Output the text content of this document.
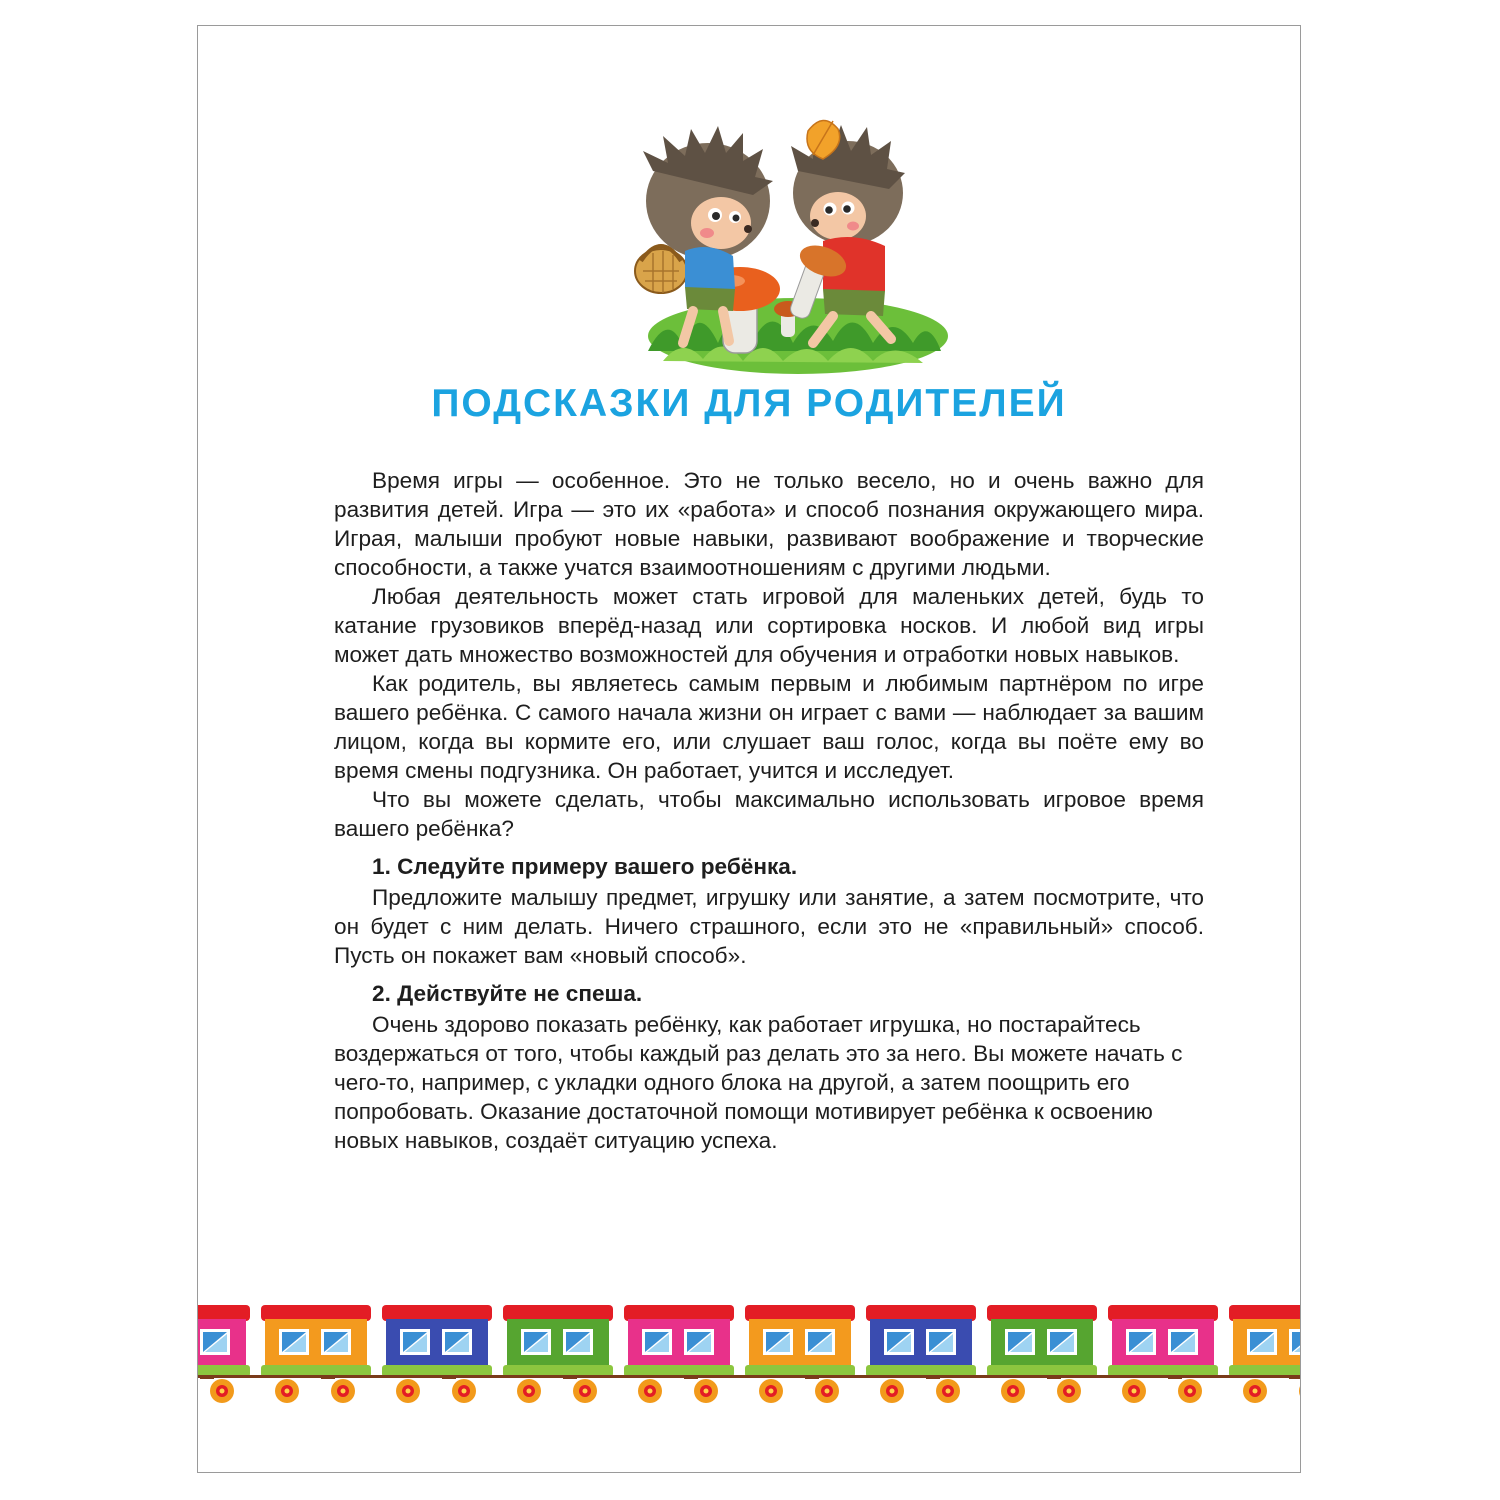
ПОДСКАЗКИ ДЛЯ РОДИТЕЛЕЙ

Время игры — особенное. Это не только весело, но и очень важно для развития детей. Игра — это их «работа» и способ познания окружающего мира. Играя, малыши пробуют новые навыки, развивают воображение и творческие способности, а также учатся взаимоотношениям с другими людьми.

Любая деятельность может стать игровой для маленьких детей, будь то катание грузовиков вперёд-назад или сортировка носков. И любой вид игры может дать множество возможностей для обучения и отработки новых навыков.

Как родитель, вы являетесь самым первым и любимым партнёром по игре вашего ребёнка. С самого начала жизни он играет с вами — наблюдает за вашим лицом, когда вы кормите его, или слушает ваш голос, когда вы поёте ему во время смены подгузника. Он работает, учится и исследует.

Что вы можете сделать, чтобы максимально использовать игровое время вашего ребёнка?

1. Следуйте примеру вашего ребёнка.

Предложите малышу предмет, игрушку или занятие, а затем посмотрите, что он будет с ним делать. Ничего страшного, если это не «правильный» способ. Пусть он покажет вам «новый способ».

2. Действуйте не спеша.

Очень здорово показать ребёнку, как работает игрушка, но постарайтесь воздержаться от того, чтобы каждый раз делать это за него. Вы можете начать с чего-то, например, с укладки одного блока на другой, а затем поощрить его попробовать. Оказание достаточной помощи мотивирует ребёнка к освоению новых навыков, создаёт ситуацию успеха.
